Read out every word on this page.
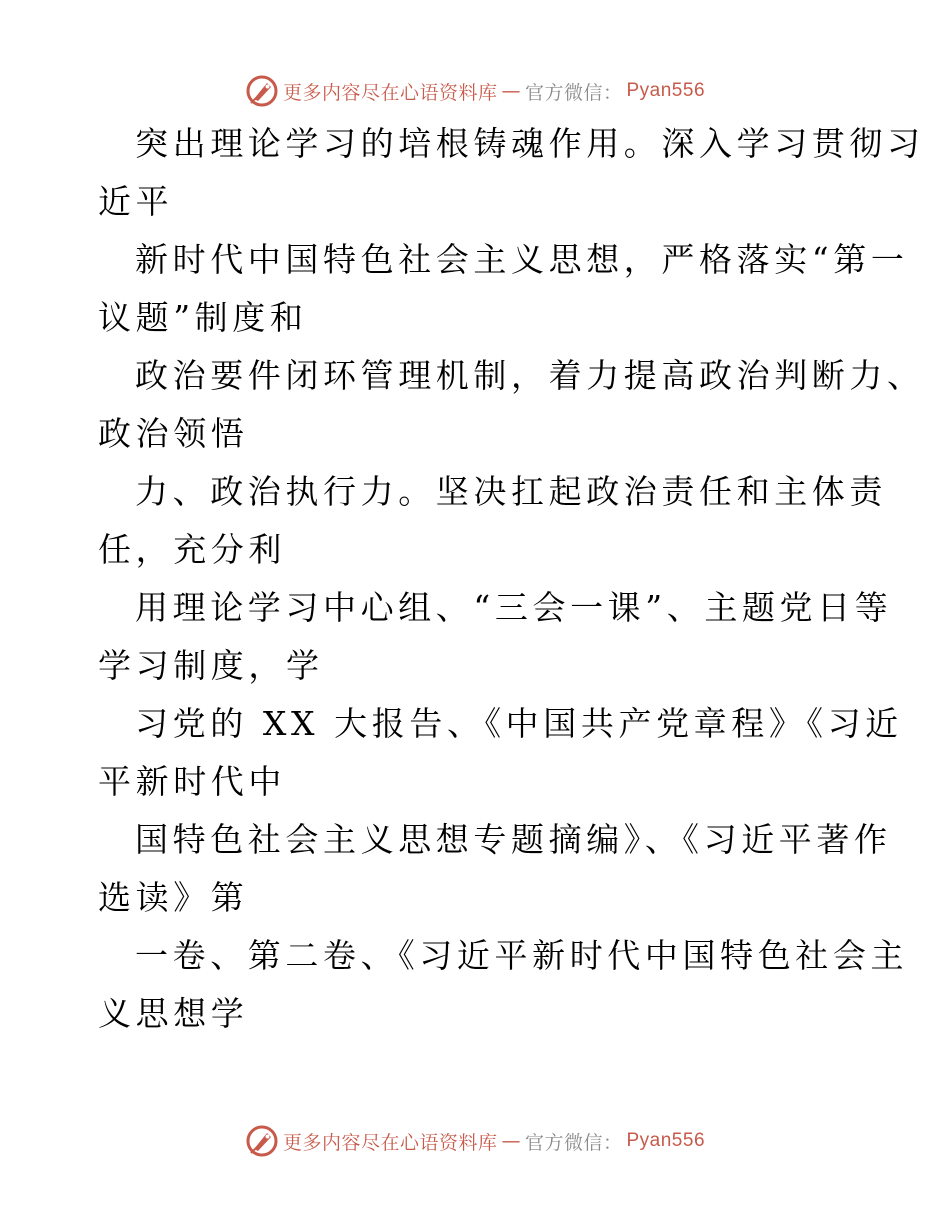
更多内容尽在心语资料库 — 官方微信： Pyan556
突出理论学习的培根铸魂作用。深入学习贯彻习
近平
新时代中国特色社会主义思想，严格落实“第一
议题”制度和
政治要件闭环管理机制，着力提高政治判断力、
政治领悟
力、政治执行力。坚决扛起政治责任和主体责
任，充分利
用理论学习中心组、“三会一课”、主题党日等
学习制度，学
习党的 XX 大报告、《中国共产党章程》《习近
平新时代中
国特色社会主义思想专题摘编》、《习近平著作
选读》第
一卷、第二卷、《习近平新时代中国特色社会主
义思想学
更多内容尽在心语资料库 — 官方微信： Pyan556
